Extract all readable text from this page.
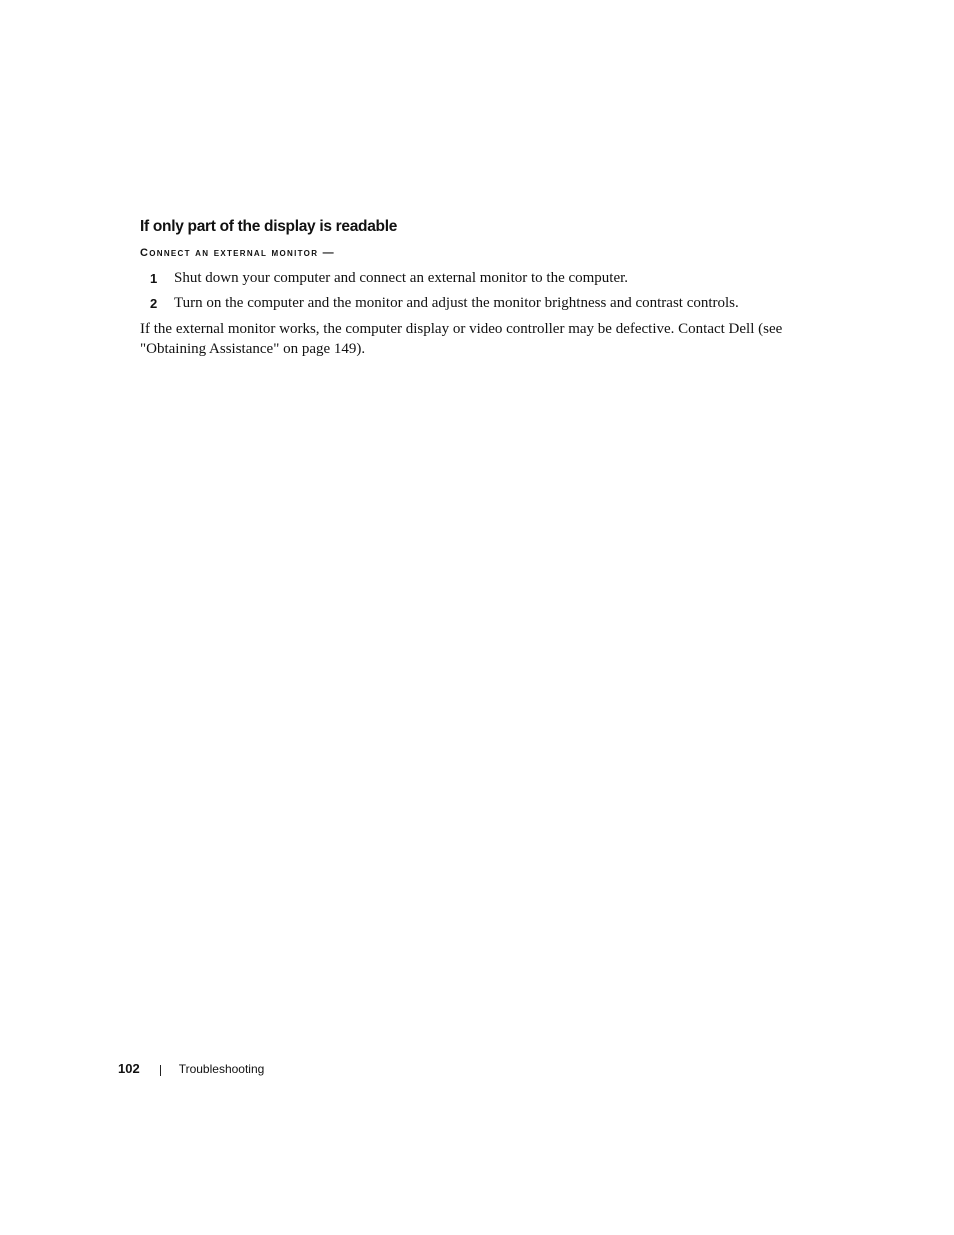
If only part of the display is readable
Connect an external monitor —
1	Shut down your computer and connect an external monitor to the computer.
2	Turn on the computer and the monitor and adjust the monitor brightness and contrast controls.

If the external monitor works, the computer display or video controller may be defective. Contact Dell (see "Obtaining Assistance" on page 149).

102	Troubleshooting
